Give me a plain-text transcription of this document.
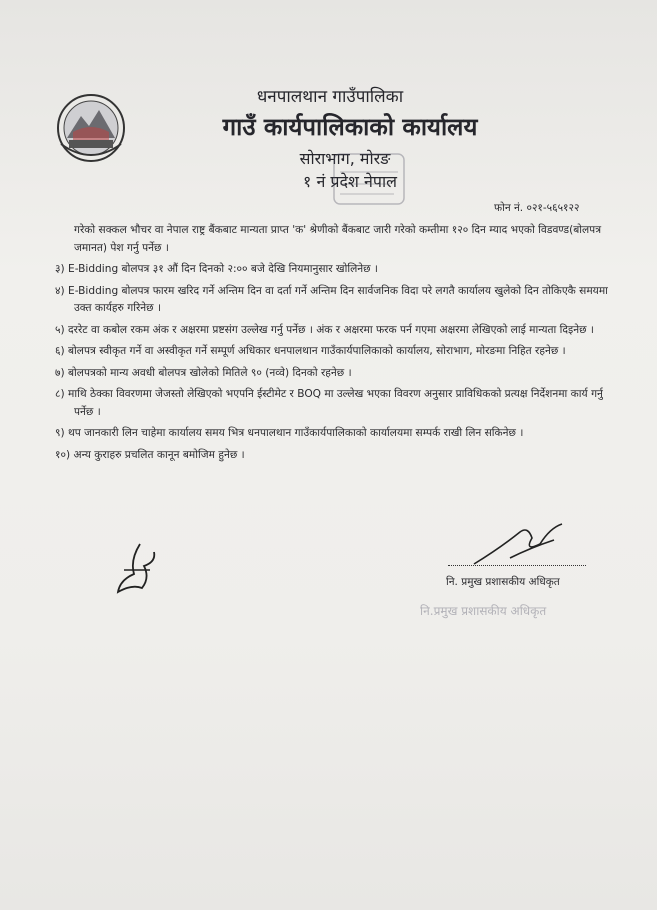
धनपालथान गाउँपालिका
गाउँ कार्यपालिकाको कार्यालय
सोराभाग, मोरङ
१ नं प्रदेश नेपाल
फोन नं. ०२१-५६५१२२

गरेको सक्कल भौचर वा नेपाल राष्ट्र बैंकबाट मान्यता प्राप्त 'क' श्रेणीको बैंकबाट जारी गरेको कम्तीमा १२० दिन म्याद भएको विडवण्ड(बोलपत्र जमानत) पेश गर्नु पर्नेछ ।

३) E-Bidding बोलपत्र ३१ औं दिन दिनको २:०० बजे देखि नियमानुसार खोलिनेछ ।

४) E-Bidding बोलपत्र फारम खरिद गर्ने अन्तिम दिन वा दर्ता गर्ने अन्तिम दिन सार्वजनिक विदा परे लगतै कार्यालय खुलेको दिन तोकिएकै समयमा उक्त कार्यहरु गरिनेछ ।

५) दररेट वा कबोल रकम अंक र अक्षरमा प्रष्टसंग उल्लेख गर्नु पर्नेछ । अंक र अक्षरमा फरक पर्न गएमा अक्षरमा लेखिएको लाई मान्यता दिइनेछ ।

६) बोलपत्र स्वीकृत गर्ने वा अस्वीकृत गर्ने सम्पूर्ण अधिकार धनपालथान गाउँकार्यपालिकाको कार्यालय, सोराभाग, मोरङमा निहित रहनेछ ।

७) बोलपत्रको मान्य अवधी बोलपत्र खोलेको मितिले ९० (नव्वे) दिनको रहनेछ ।

८) माथि ठेक्का विवरणमा जेजस्तो लेखिएको भएपनि ईस्टीमेट र BOQ मा उल्लेख भएका विवरण अनुसार प्राविधिकको प्रत्यक्ष निर्देशनमा कार्य गर्नु पर्नेछ ।

९) थप जानकारी लिन चाहेमा कार्यालय समय भित्र धनपालथान गाउँकार्यपालिकाको कार्यालयमा सम्पर्क राखी लिन सकिनेछ ।

१०) अन्य कुराहरु प्रचलित कानून बमोजिम हुनेछ ।

नि. प्रमुख प्रशासकीय अधिकृत
नि.प्रमुख प्रशासकीय अधिकृत
